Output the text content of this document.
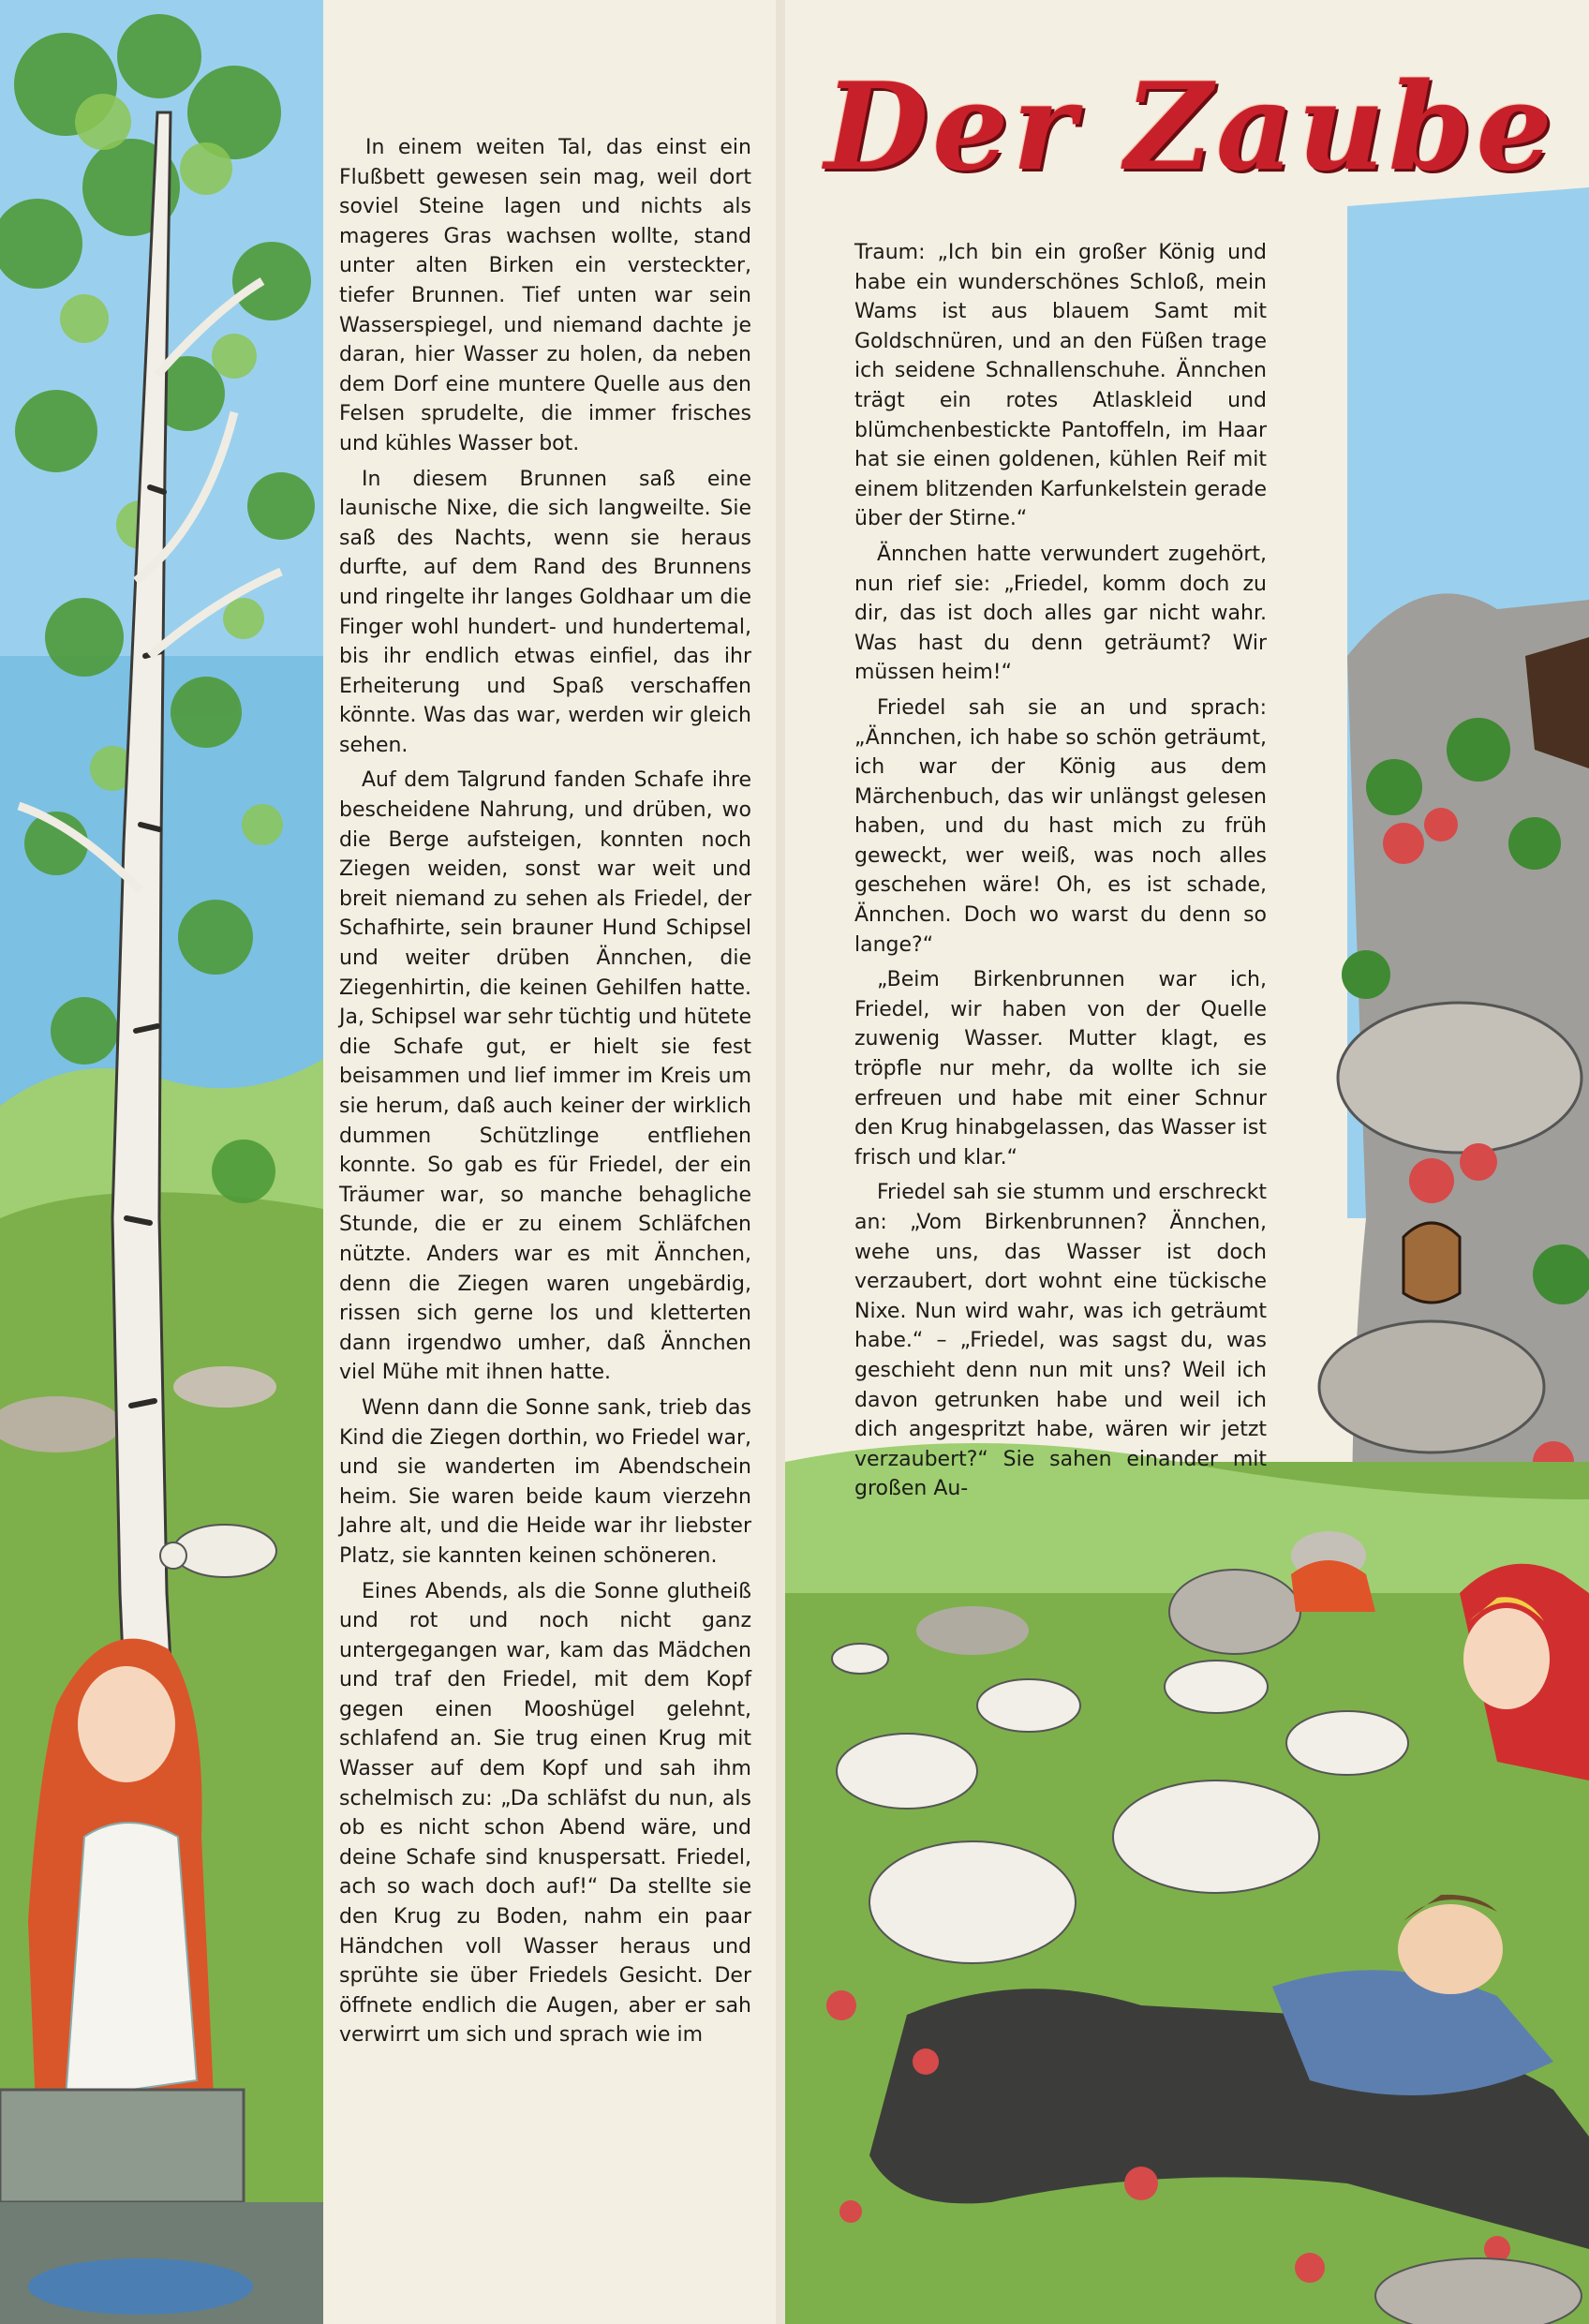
In einem weiten Tal, das einst ein Flußbett gewesen sein mag, weil dort soviel Steine lagen und nichts als mageres Gras wachsen wollte, stand unter alten Birken ein versteckter, tiefer Brunnen. Tief unten war sein Wasserspiegel, und niemand dachte je daran, hier Wasser zu holen, da neben dem Dorf eine muntere Quelle aus den Felsen sprudelte, die immer frisches und kühles Wasser bot.

In diesem Brunnen saß eine launische Nixe, die sich langweilte. Sie saß des Nachts, wenn sie heraus durfte, auf dem Rand des Brunnens und ringelte ihr langes Goldhaar um die Finger wohl hundert- und hundertemal, bis ihr endlich etwas einfiel, das ihr Erheiterung und Spaß verschaffen könnte. Was das war, werden wir gleich sehen.

Auf dem Talgrund fanden Schafe ihre bescheidene Nahrung, und drüben, wo die Berge aufsteigen, konnten noch Ziegen weiden, sonst war weit und breit niemand zu sehen als Friedel, der Schafhirte, sein brauner Hund Schipsel und weiter drüben Ännchen, die Ziegenhirtin, die keinen Gehilfen hatte. Ja, Schipsel war sehr tüchtig und hütete die Schafe gut, er hielt sie fest beisammen und lief immer im Kreis um sie herum, daß auch keiner der wirklich dummen Schützlinge entfliehen konnte. So gab es für Friedel, der ein Träumer war, so manche behagliche Stunde, die er zu einem Schläfchen nützte. Anders war es mit Ännchen, denn die Ziegen waren ungebärdig, rissen sich gerne los und kletterten dann irgendwo umher, daß Ännchen viel Mühe mit ihnen hatte.

Wenn dann die Sonne sank, trieb das Kind die Ziegen dorthin, wo Friedel war, und sie wanderten im Abendschein heim. Sie waren beide kaum vierzehn Jahre alt, und die Heide war ihr liebster Platz, sie kannten keinen schöneren.

Eines Abends, als die Sonne glutheiß und rot und noch nicht ganz untergegangen war, kam das Mädchen und traf den Friedel, mit dem Kopf gegen einen Mooshügel gelehnt, schlafend an. Sie trug einen Krug mit Wasser auf dem Kopf und sah ihm schelmisch zu: „Da schläfst du nun, als ob es nicht schon Abend wäre, und deine Schafe sind knuspersatt. Friedel, ach so wach doch auf!“ Da stellte sie den Krug zu Boden, nahm ein paar Händchen voll Wasser heraus und sprühte sie über Friedels Gesicht. Der öffnete endlich die Augen, aber er sah verwirrt um sich und sprach wie im

Der Zaube

Traum: „Ich bin ein großer König und habe ein wunderschönes Schloß, mein Wams ist aus blauem Samt mit Goldschnüren, und an den Füßen trage ich seidene Schnallenschuhe. Ännchen trägt ein rotes Atlaskleid und blümchenbestickte Pantoffeln, im Haar hat sie einen goldenen, kühlen Reif mit einem blitzenden Karfunkelstein gerade über der Stirne.“

Ännchen hatte verwundert zugehört, nun rief sie: „Friedel, komm doch zu dir, das ist doch alles gar nicht wahr. Was hast du denn geträumt? Wir müssen heim!“

Friedel sah sie an und sprach: „Ännchen, ich habe so schön geträumt, ich war der König aus dem Märchenbuch, das wir unlängst gelesen haben, und du hast mich zu früh geweckt, wer weiß, was noch alles geschehen wäre! Oh, es ist schade, Ännchen. Doch wo warst du denn so lange?“

„Beim Birkenbrunnen war ich, Friedel, wir haben von der Quelle zuwenig Wasser. Mutter klagt, es tröpfle nur mehr, da wollte ich sie erfreuen und habe mit einer Schnur den Krug hinabgelassen, das Wasser ist frisch und klar.“

Friedel sah sie stumm und erschreckt an: „Vom Birkenbrunnen? Ännchen, wehe uns, das Wasser ist doch verzaubert, dort wohnt eine tückische Nixe. Nun wird wahr, was ich geträumt habe.“ – „Friedel, was sagst du, was geschieht denn nun mit uns? Weil ich davon getrunken habe und weil ich dich angespritzt habe, wären wir jetzt verzaubert?“ Sie sahen einander mit großen Au-
